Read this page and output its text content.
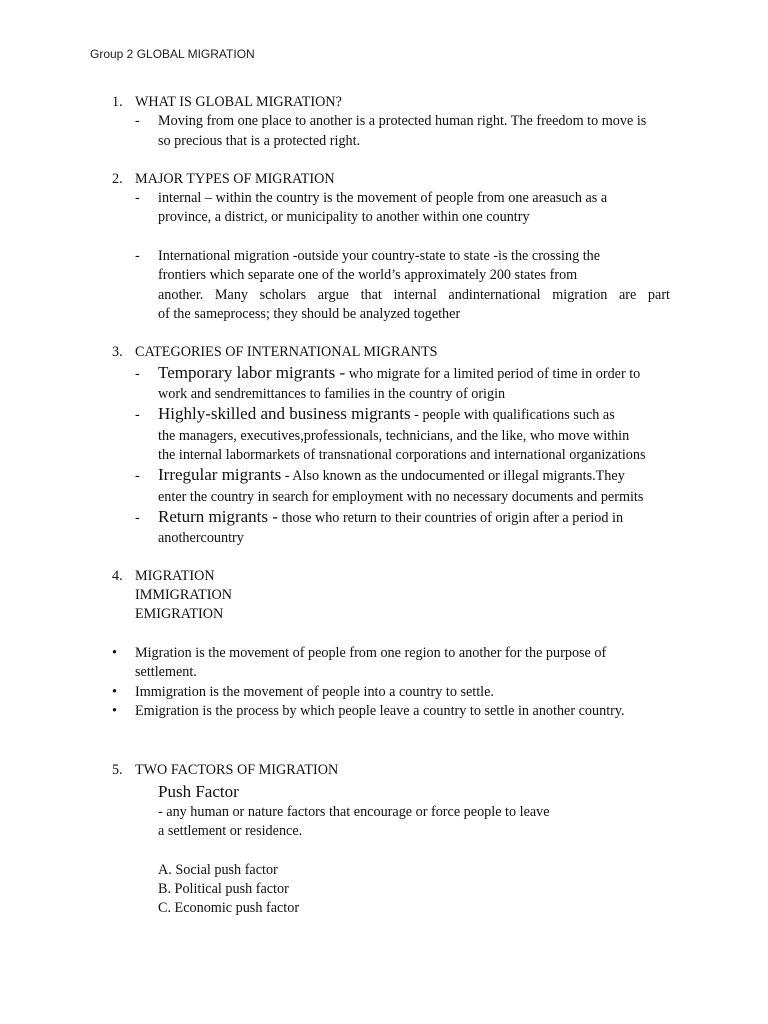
Group 2 GLOBAL MIGRATION
1. WHAT IS GLOBAL MIGRATION?
- Moving from one place to another is a protected human right. The freedom to move is
so precious that is a protected right.
2. MAJOR TYPES OF MIGRATION
- internal – within the country is the movement of people from one areasuch as a
province, a district, or municipality to another within one country
- International migration -outside your country-state to state -is the crossing the
frontiers which separate one of the world’s approximately 200 states from
another. Many scholars argue that internal andinternational migration are part
of the sameprocess; they should be analyzed together
3. CATEGORIES OF INTERNATIONAL MIGRANTS
- Temporary labor migrants - who migrate for a limited period of time in order to
work and sendremittances to families in the country of origin
- Highly-skilled and business migrants - people with qualifications such as
the managers, executives,professionals, technicians, and the like, who move within
the internal labormarkets of transnational corporations and international organizations
- Irregular migrants - Also known as the undocumented or illegal migrants.They
enter the country in search for employment with no necessary documents and permits
- Return migrants - those who return to their countries of origin after a period in
anothercountry
4. MIGRATION
IMMIGRATION
EMIGRATION
• Migration is the movement of people from one region to another for the purpose of
settlement.
• Immigration is the movement of people into a country to settle.
• Emigration is the process by which people leave a country to settle in another country.
5. TWO FACTORS OF MIGRATION
Push Factor
- any human or nature factors that encourage or force people to leave
a settlement or residence.
A. Social push factor
B. Political push factor
C. Economic push factor
